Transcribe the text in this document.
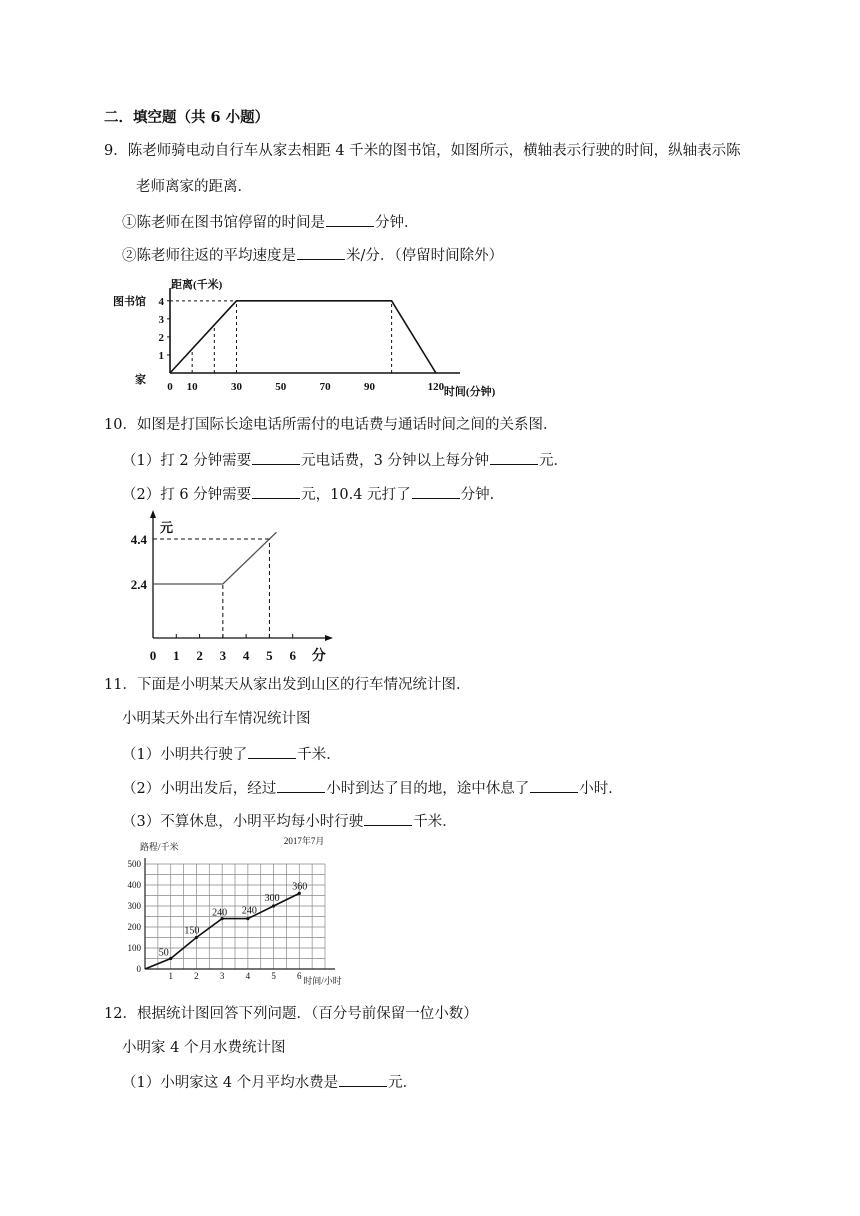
二．填空题（共 6 小题）
9．陈老师骑电动自行车从家去相距 4 千米的图书馆，如图所示，横轴表示行驶的时间，纵轴表示陈
老师离家的距离．
①陈老师在图书馆停留的时间是	分钟．
②陈老师往返的平均速度是	米/分．（停留时间除外）
距离(千米)
时间(分钟)
0 10	30	50	70	90	120
1
2
3
4
图书馆
家
10．如图是打国际长途电话所需付的电话费与通话时间之间的关系图．
（1）打 2 分钟需要	元电话费，3 分钟以上每分钟	元．
（2）打 6 分钟需要	元，10.4 元打了	分钟．
元
0 1 2 3 4 5 6 分
2.4
4.4
11．下面是小明某天从家出发到山区的行车情况统计图．
小明某天外出行车情况统计图
（1）小明共行驶了	千米．
（2）小明出发后，经过	小时到达了目的地，途中休息了	小时．
（3）不算休息，小明平均每小时行驶	千米．
路程/千米
2017年7月
0
100
200
300
400
500
1 2 3 4 5 6 时间/小时
50
150
240 240
300
360
12．根据统计图回答下列问题．（百分号前保留一位小数）
小明家 4 个月水费统计图
（1）小明家这 4 个月平均水费是	元．
